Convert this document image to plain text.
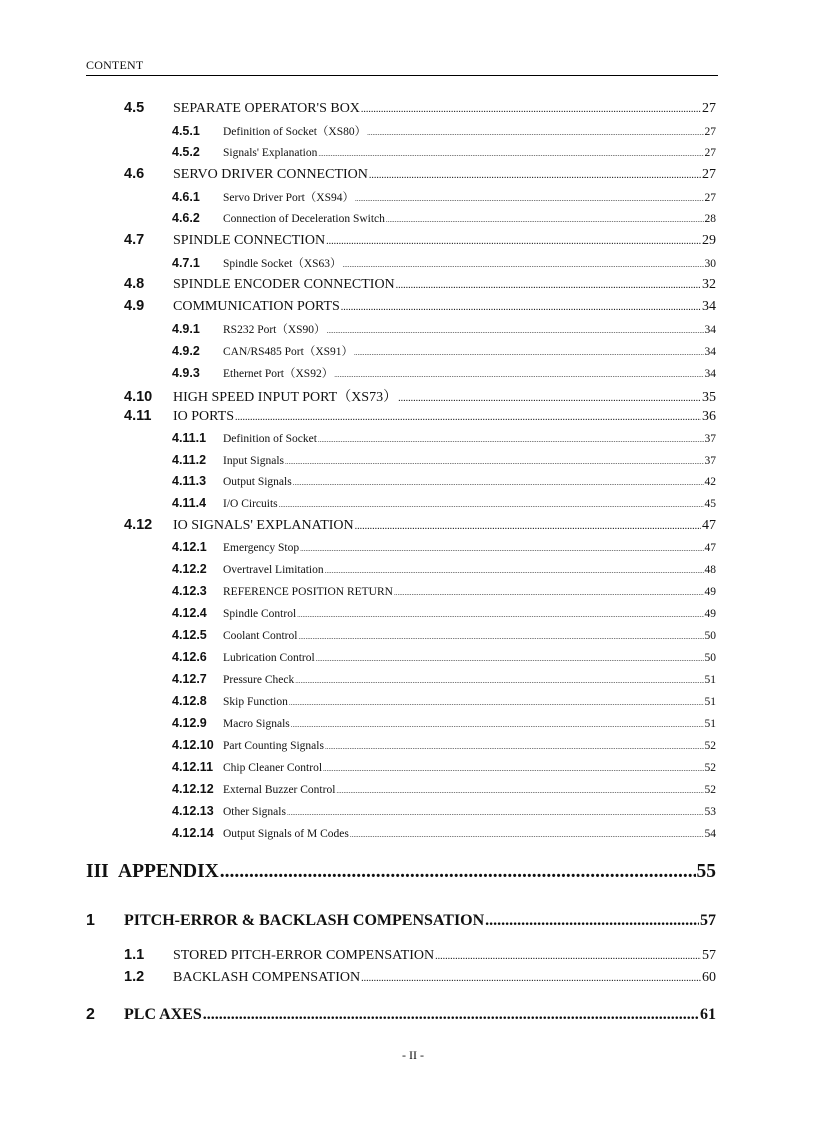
CONTENT
4.5	SEPARATE OPERATOR'S BOX .....	27
4.5.1	Definition of Socket（XS80） .....	27
4.5.2	Signals' Explanation .....	27
4.6	SERVO DRIVER CONNECTION .....	27
4.6.1	Servo Driver Port（XS94） .....	27
4.6.2	Connection of Deceleration Switch .....	28
4.7	SPINDLE CONNECTION .....	29
4.7.1	Spindle Socket（XS63） .....	30
4.8	SPINDLE ENCODER CONNECTION .....	32
4.9	COMMUNICATION PORTS .....	34
4.9.1	RS232 Port（XS90） .....	34
4.9.2	CAN/RS485 Port（XS91） .....	34
4.9.3	Ethernet Port（XS92） .....	34
4.10	HIGH SPEED INPUT PORT（XS73） .....	35
4.11	IO PORTS .....	36
4.11.1	Definition of Socket .....	37
4.11.2	Input Signals .....	37
4.11.3	Output Signals .....	42
4.11.4	I/O Circuits .....	45
4.12	IO SIGNALS' EXPLANATION .....	47
4.12.1	Emergency Stop .....	47
4.12.2	Overtravel Limitation .....	48
4.12.3	REFERENCE POSITION RETURN .....	49
4.12.4	Spindle Control .....	49
4.12.5	Coolant Control .....	50
4.12.6	Lubrication Control .....	50
4.12.7	Pressure Check .....	51
4.12.8	Skip Function .....	51
4.12.9	Macro Signals .....	51
4.12.10 Part Counting Signals .....	52
4.12.11 Chip Cleaner Control .....	52
4.12.12 External Buzzer Control .....	52
4.12.13 Other Signals .....	53
4.12.14 Output Signals of M Codes .....	54
III APPENDIX .....	55
1	PITCH-ERROR & BACKLASH COMPENSATION .....	57
1.1	STORED PITCH-ERROR COMPENSATION .....	57
1.2	BACKLASH COMPENSATION .....	60
2	PLC AXES .....	61
- II -
